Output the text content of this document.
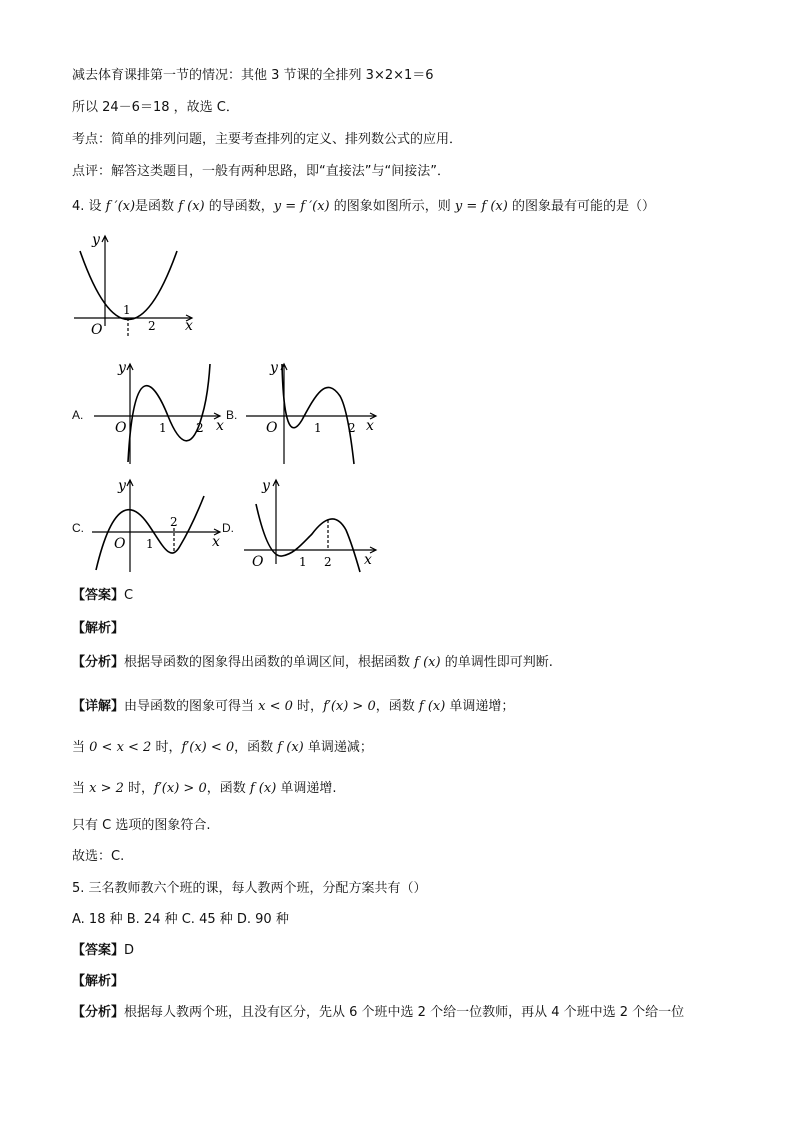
减去体育课排第一节的情况：其他 3 节课的全排列 3×2×1＝6
所以 24－6＝18 ，故选 C．
考点：简单的排列问题，主要考查排列的定义、排列数公式的应用．
点评：解答这类题目，一般有两种思路，即“直接法”与“间接法”．
4. 设 f ′(x)是函数 f (x) 的导函数，y = f ′(x) 的图象如图所示，则 y = f (x) 的图象最有可能的是（）
y
x
O
1
2
A.
y
x
O	1 2
B.
y
x
O	1 2
C.
y
x
O 1
2	D.
y
x
O	1 2
【答案】C
【解析】
【分析】根据导函数的图象得出函数的单调区间，根据函数 f (x) 的单调性即可判断.
【详解】由导函数的图象可得当 x < 0 时，f′(x) > 0，函数 f (x) 单调递增；
当 0 < x < 2 时，f′(x) < 0，函数 f (x) 单调递减；
当 x > 2 时，f′(x) > 0，函数 f (x) 单调递增.
只有 C 选项的图象符合.
故选：C.
5. 三名教师教六个班的课，每人教两个班，分配方案共有（）
A. 18 种 B. 24 种 C. 45 种 D. 90 种
【答案】D
【解析】
【分析】根据每人教两个班，且没有区分，先从 6 个班中选 2 个给一位教师，再从 4 个班中选 2 个给一位
